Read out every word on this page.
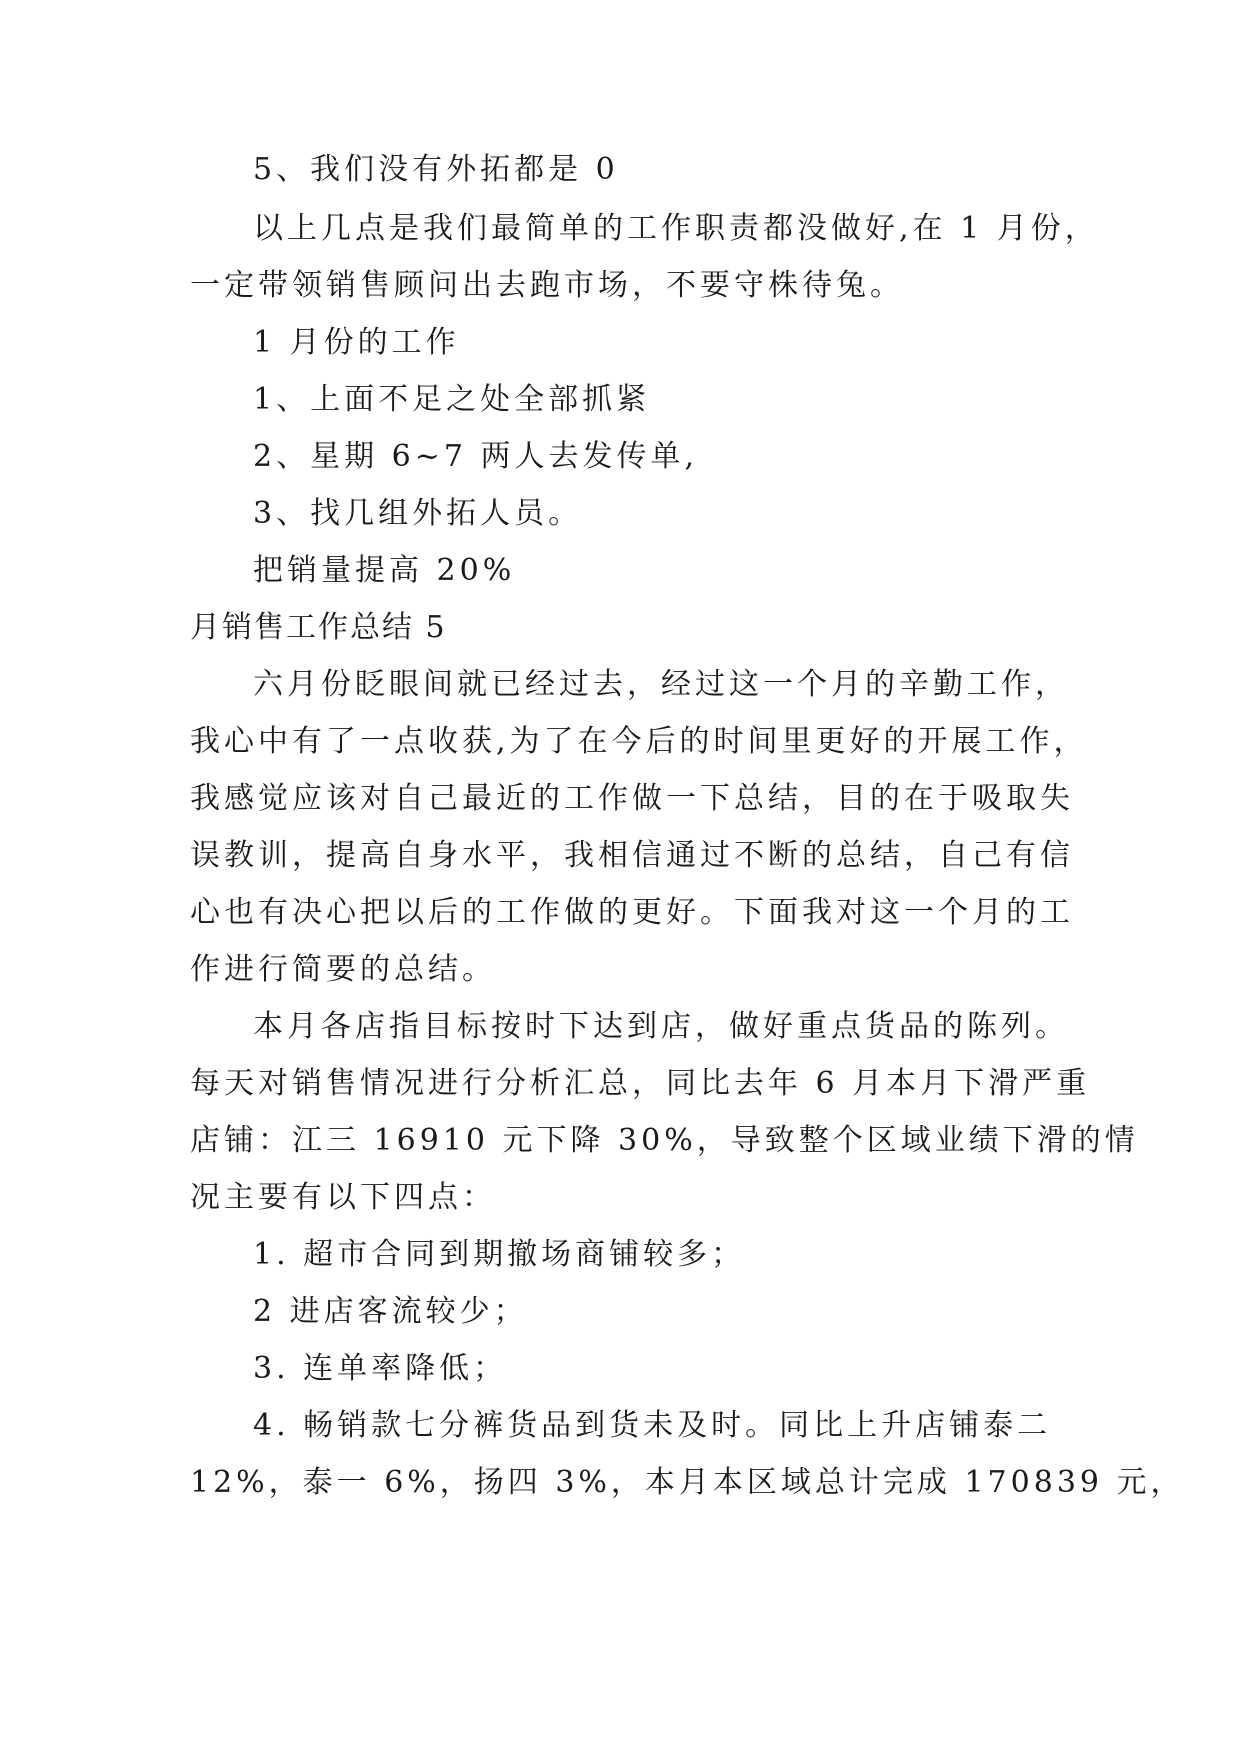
5、我们没有外拓都是 0
以上几点是我们最简单的工作职责都没做好,在 1 月份，
一定带领销售顾问出去跑市场，不要守株待兔。
1 月份的工作
1、上面不足之处全部抓紧
2、星期 6~7 两人去发传单,
3、找几组外拓人员。
把销量提高 20%
月销售工作总结 5
六月份眨眼间就已经过去，经过这一个月的辛勤工作，
我心中有了一点收获,为了在今后的时间里更好的开展工作，
我感觉应该对自己最近的工作做一下总结，目的在于吸取失
误教训，提高自身水平，我相信通过不断的总结，自己有信
心也有决心把以后的工作做的更好。下面我对这一个月的工
作进行简要的总结。
本月各店指目标按时下达到店，做好重点货品的陈列。
每天对销售情况进行分析汇总，同比去年 6 月本月下滑严重
店铺：江三 16910 元下降 30%，导致整个区域业绩下滑的情
况主要有以下四点：
1. 超市合同到期撤场商铺较多；
2 进店客流较少；
3. 连单率降低；
4. 畅销款七分裤货品到货未及时。同比上升店铺泰二
12%，泰一 6%，扬四 3%，本月本区域总计完成 170839 元，
